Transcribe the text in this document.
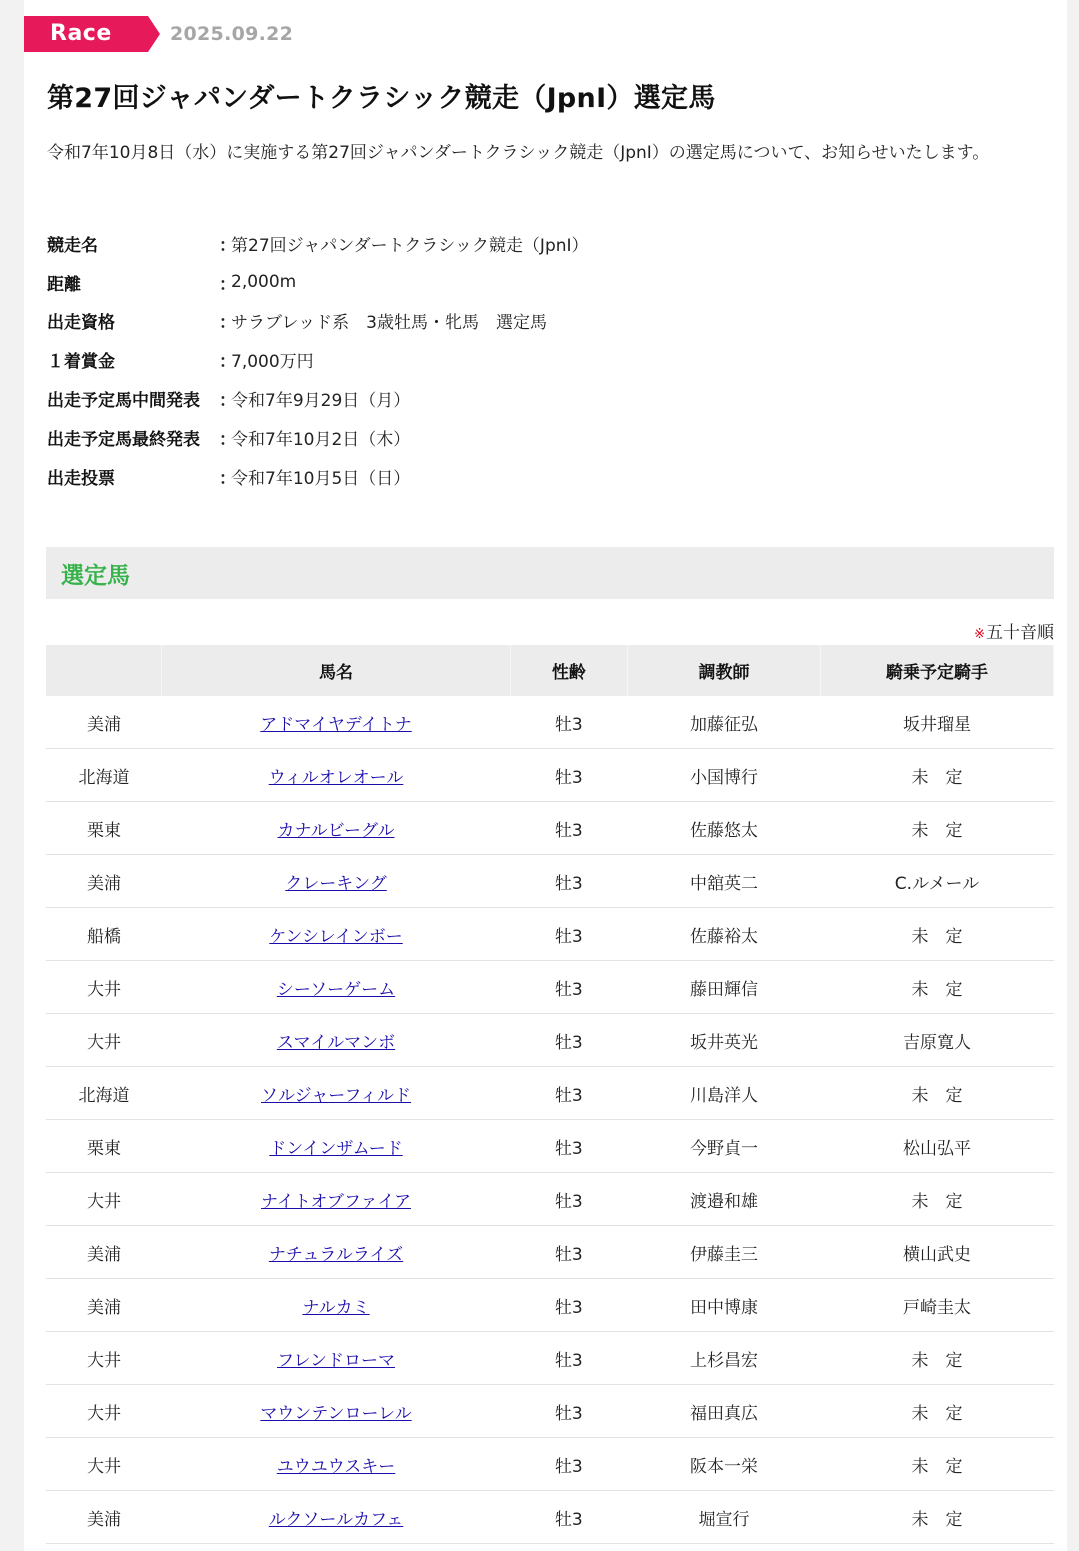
Race	2025.09.22
第27回ジャパンダートクラシック競走（JpnⅠ）選定馬

令和7年10月8日（水）に実施する第27回ジャパンダートクラシック競走（JpnⅠ）の選定馬について、お知らせいたします。

競走名	：
第27回ジャパンダートクラシック競走（JpnⅠ）
距離	：
2,000m
出走資格	：
サラブレッド系　3歳牡馬・牝馬　選定馬
１着賞金	：
7,000万円
出走予定馬中間発表	：
令和7年9月29日（月）
出走予定馬最終発表	：
令和7年10月2日（木）
出走投票	：
令和7年10月5日（日）
選定馬
※五十音順
	馬名	性齢	調教師	騎乗予定騎手
美浦	アドマイヤデイトナ	牡3	加藤征弘	坂井瑠星
北海道	ウィルオレオール	牡3	小国博行	未　定
栗東	カナルビーグル	牡3	佐藤悠太	未　定
美浦	クレーキング	牡3	中舘英二	C.ルメール
船橋	ケンシレインボー	牡3	佐藤裕太	未　定
大井	シーソーゲーム	牡3	藤田輝信	未　定
大井	スマイルマンボ	牡3	坂井英光	吉原寛人
北海道	ソルジャーフィルド	牡3	川島洋人	未　定
栗東	ドンインザムード	牡3	今野貞一	松山弘平
大井	ナイトオブファイア	牡3	渡邉和雄	未　定
美浦	ナチュラルライズ	牡3	伊藤圭三	横山武史
美浦	ナルカミ	牡3	田中博康	戸崎圭太
大井	フレンドローマ	牡3	上杉昌宏	未　定
大井	マウンテンローレル	牡3	福田真広	未　定
大井	ユウユウスキー	牡3	阪本一栄	未　定
美浦	ルクソールカフェ	牡3	堀宣行	未　定
